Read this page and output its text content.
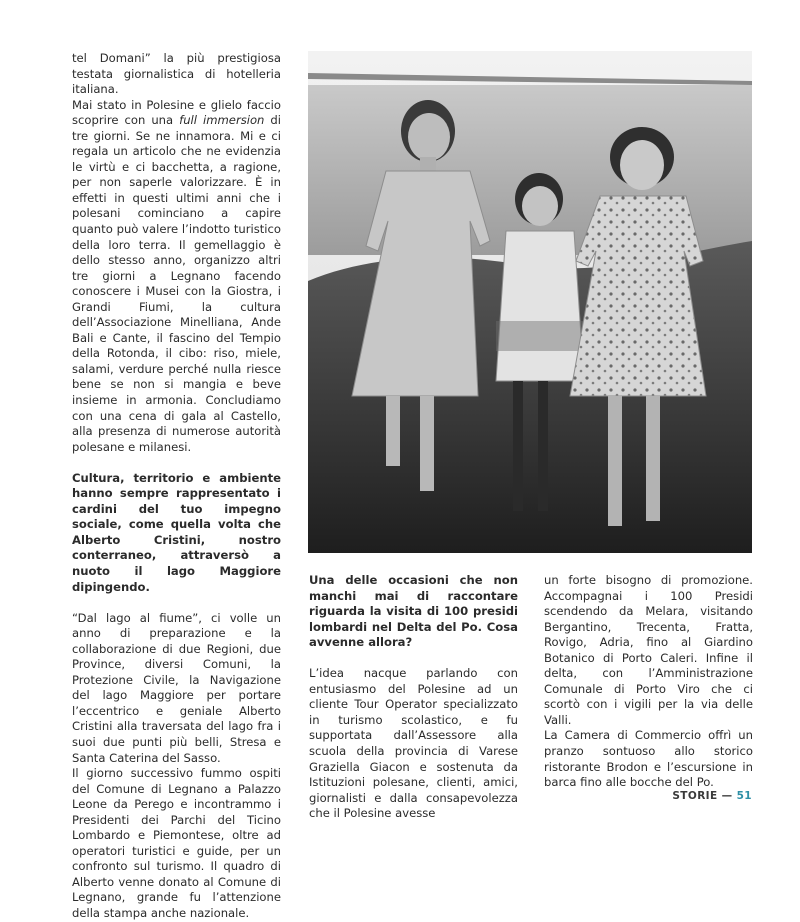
tel Domani” la più prestigiosa testata giornalistica di hotelleria italiana.

Mai stato in Polesine e glielo faccio scoprire con una full immersion di tre giorni. Se ne innamora. Mi e ci regala un articolo che ne evidenzia le virtù e ci bacchetta, a ragione, per non saperle valorizzare. È in effetti in questi ultimi anni che i polesani cominciano a capire quanto può valere l’indotto turistico della loro terra. Il gemellaggio è dello stesso anno, organizzo altri tre giorni a Legnano facendo conoscere i Musei con la Giostra, i Grandi Fiumi, la cultura dell’Associazione Minelliana, Ande Bali e Cante, il fascino del Tempio della Rotonda, il cibo: riso, miele, salami, verdure perché nulla riesce bene se non si mangia e beve insieme in armonia. Concludiamo con una cena di gala al Castello, alla presenza di numerose autorità polesane e milanesi.

Cultura, territorio e ambiente hanno sempre rappresentato i cardini del tuo impegno sociale, come quella volta che Alberto Cristini, nostro conterraneo, attraversò a nuoto il lago Maggiore dipingendo.

“Dal lago al fiume”, ci volle un anno di preparazione e la collaborazione di due Regioni, due Province, diversi Comuni, la Protezione Civile, la Navigazione del lago Maggiore per portare l’eccentrico e geniale Alberto Cristini alla traversata del lago fra i suoi due punti più belli, Stresa e Santa Caterina del Sasso.

Il giorno successivo fummo ospiti del Comune di Legnano a Palazzo Leone da Perego e incontrammo i Presidenti dei Parchi del Ticino Lombardo e Piemontese, oltre ad operatori turistici e guide, per un confronto sul turismo. Il quadro di Alberto venne donato al Comune di Legnano, grande fu l’attenzione della stampa anche nazionale.

Una delle occasioni che non manchi mai di raccontare riguarda la visita di 100 presidi lombardi nel Delta del Po. Cosa avvenne allora?

L’idea nacque parlando con entusiasmo del Polesine ad un cliente Tour Operator specializzato in turismo scolastico, e fu supportata dall’Assessore alla scuola della provincia di Varese Graziella Giacon e sostenuta da Istituzioni polesane, clienti, amici, giornalisti e dalla consapevolezza che il Polesine avesse

un forte bisogno di promozione. Accompagnai i 100 Presidi scendendo da Melara, visitando Bergantino, Trecenta, Fratta, Rovigo, Adria, fino al Giardino Botanico di Porto Caleri. Infine il delta, con l’Amministrazione Comunale di Porto Viro che ci scortò con i vigili per la via delle Valli.

La Camera di Commercio offrì un pranzo sontuoso allo storico ristorante Brodon e l’escursione in barca fino alle bocche del Po.

STORIE — 51
